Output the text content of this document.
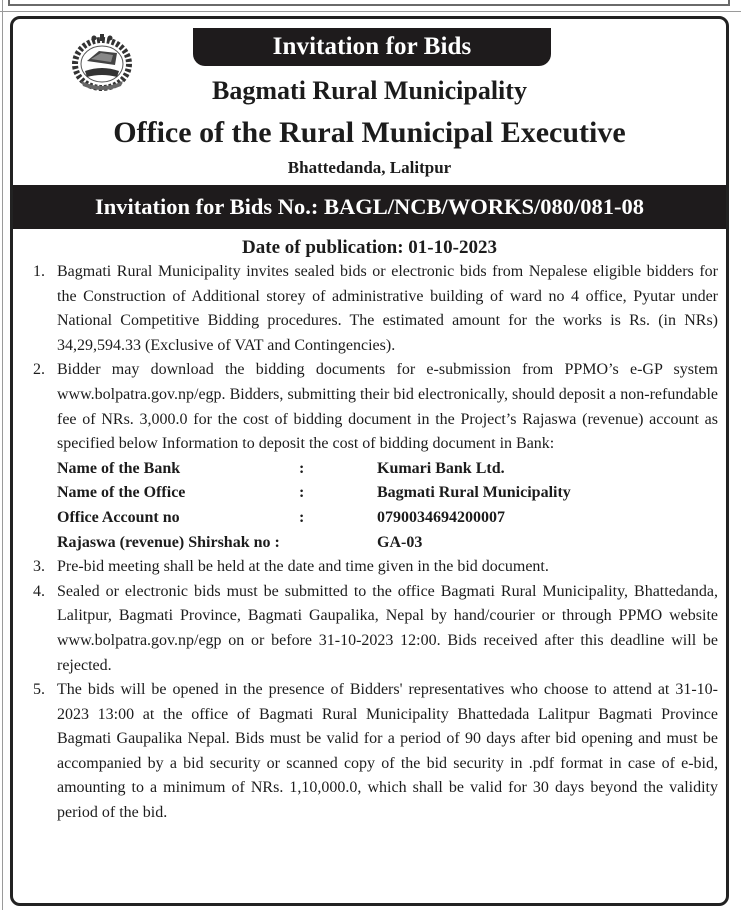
Invitation for Bids
Bagmati Rural Municipality
Office of the Rural Municipal Executive
Bhattedanda, Lalitpur
Invitation for Bids No.: BAGL/NCB/WORKS/080/081-08
Date of publication: 01-10-2023
1. Bagmati Rural Municipality invites sealed bids or electronic bids from Nepalese eligible bidders for the Construction of Additional storey of administrative building of ward no 4 office, Pyutar under National Competitive Bidding procedures. The estimated amount for the works is Rs. (in NRs) 34,29,594.33 (Exclusive of VAT and Contingencies).
2. Bidder may download the bidding documents for e-submission from PPMO’s e-GP system www.bolpatra.gov.np/egp. Bidders, submitting their bid electronically, should deposit a non-refundable fee of NRs. 3,000.0 for the cost of bidding document in the Project’s Rajaswa (revenue) account as specified below Information to deposit the cost of bidding document in Bank:
Name of the Bank	:	Kumari Bank Ltd.
Name of the Office	:	Bagmati Rural Municipality
Office Account no	:	0790034694200007
Rajaswa (revenue) Shirshak no :		GA-03
3. Pre-bid meeting shall be held at the date and time given in the bid document.
4. Sealed or electronic bids must be submitted to the office Bagmati Rural Municipality, Bhattedanda, Lalitpur, Bagmati Province, Bagmati Gaupalika, Nepal by hand/courier or through PPMO website www.bolpatra.gov.np/egp on or before 31-10-2023 12:00. Bids received after this deadline will be rejected.
5. The bids will be opened in the presence of Bidders' representatives who choose to attend at 31-10-2023 13:00 at the office of Bagmati Rural Municipality Bhattedada Lalitpur Bagmati Province Bagmati Gaupalika Nepal. Bids must be valid for a period of 90 days after bid opening and must be accompanied by a bid security or scanned copy of the bid security in .pdf format in case of e-bid, amounting to a minimum of NRs. 1,10,000.0, which shall be valid for 30 days beyond the validity period of the bid.
